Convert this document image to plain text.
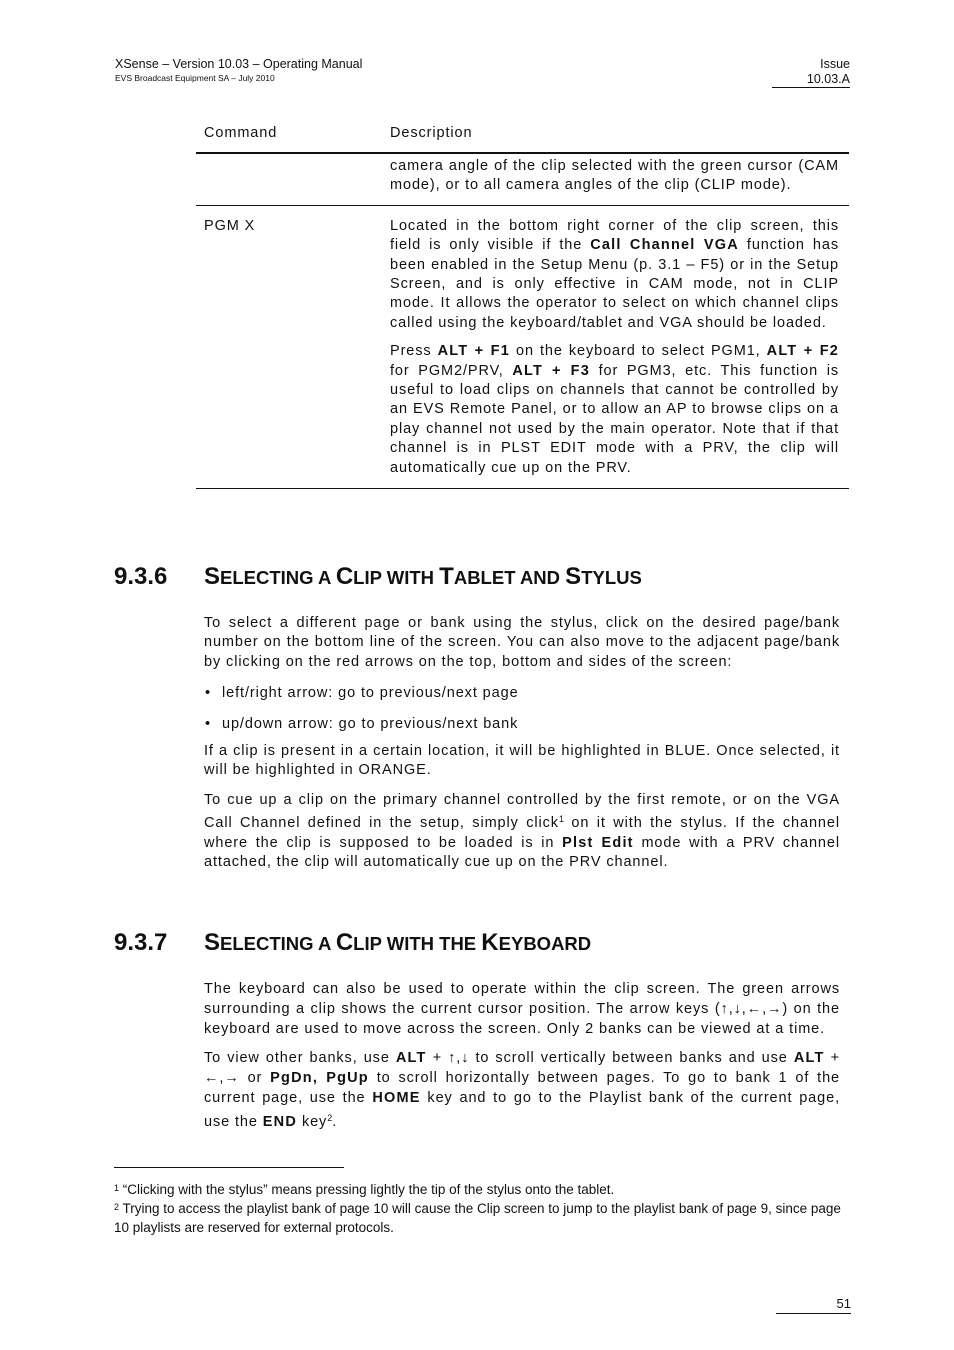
XSense – Version 10.03 – Operating Manual
EVS Broadcast Equipment SA – July 2010
Issue
10.03.A
Command	Description
camera angle of the clip selected with the green cursor (CAM mode), or to all camera angles of the clip (CLIP mode).
PGM X	Located in the bottom right corner of the clip screen, this field is only visible if the Call Channel VGA function has been enabled in the Setup Menu (p. 3.1 – F5) or in the Setup Screen, and is only effective in CAM mode, not in CLIP mode. It allows the operator to select on which channel clips called using the keyboard/tablet and VGA should be loaded.

Press ALT + F1 on the keyboard to select PGM1, ALT + F2 for PGM2/PRV, ALT + F3 for PGM3, etc. This function is useful to load clips on channels that cannot be controlled by an EVS Remote Panel, or to allow an AP to browse clips on a play channel not used by the main operator. Note that if that channel is in PLST EDIT mode with a PRV, the clip will automatically cue up on the PRV.

9.3.6 SELECTING A CLIP WITH TABLET AND STYLUS

To select a different page or bank using the stylus, click on the desired page/bank number on the bottom line of the screen. You can also move to the adjacent page/bank by clicking on the red arrows on the top, bottom and sides of the screen:

• left/right arrow: go to previous/next page
• up/down arrow: go to previous/next bank

If a clip is present in a certain location, it will be highlighted in BLUE. Once selected, it will be highlighted in ORANGE.

To cue up a clip on the primary channel controlled by the first remote, or on the VGA Call Channel defined in the setup, simply click$^1$ on it with the stylus. If the channel where the clip is supposed to be loaded is in Plst Edit mode with a PRV channel attached, the clip will automatically cue up on the PRV channel.

9.3.7 SELECTING A CLIP WITH THE KEYBOARD

The keyboard can also be used to operate within the clip screen. The green arrows surrounding a clip shows the current cursor position. The arrow keys (↑,↓,←,→) on the keyboard are used to move across the screen. Only 2 banks can be viewed at a time.

To view other banks, use ALT + ↑,↓ to scroll vertically between banks and use ALT + ←,→ or PgDn, PgUp to scroll horizontally between pages. To go to bank 1 of the current page, use the HOME key and to go to the Playlist bank of the current page, use the END key$^2$.

$^1$ “Clicking with the stylus” means pressing lightly the tip of the stylus onto the tablet.
$^2$ Trying to access the playlist bank of page 10 will cause the Clip screen to jump to the playlist bank of page 9, since page 10 playlists are reserved for external protocols.
51
